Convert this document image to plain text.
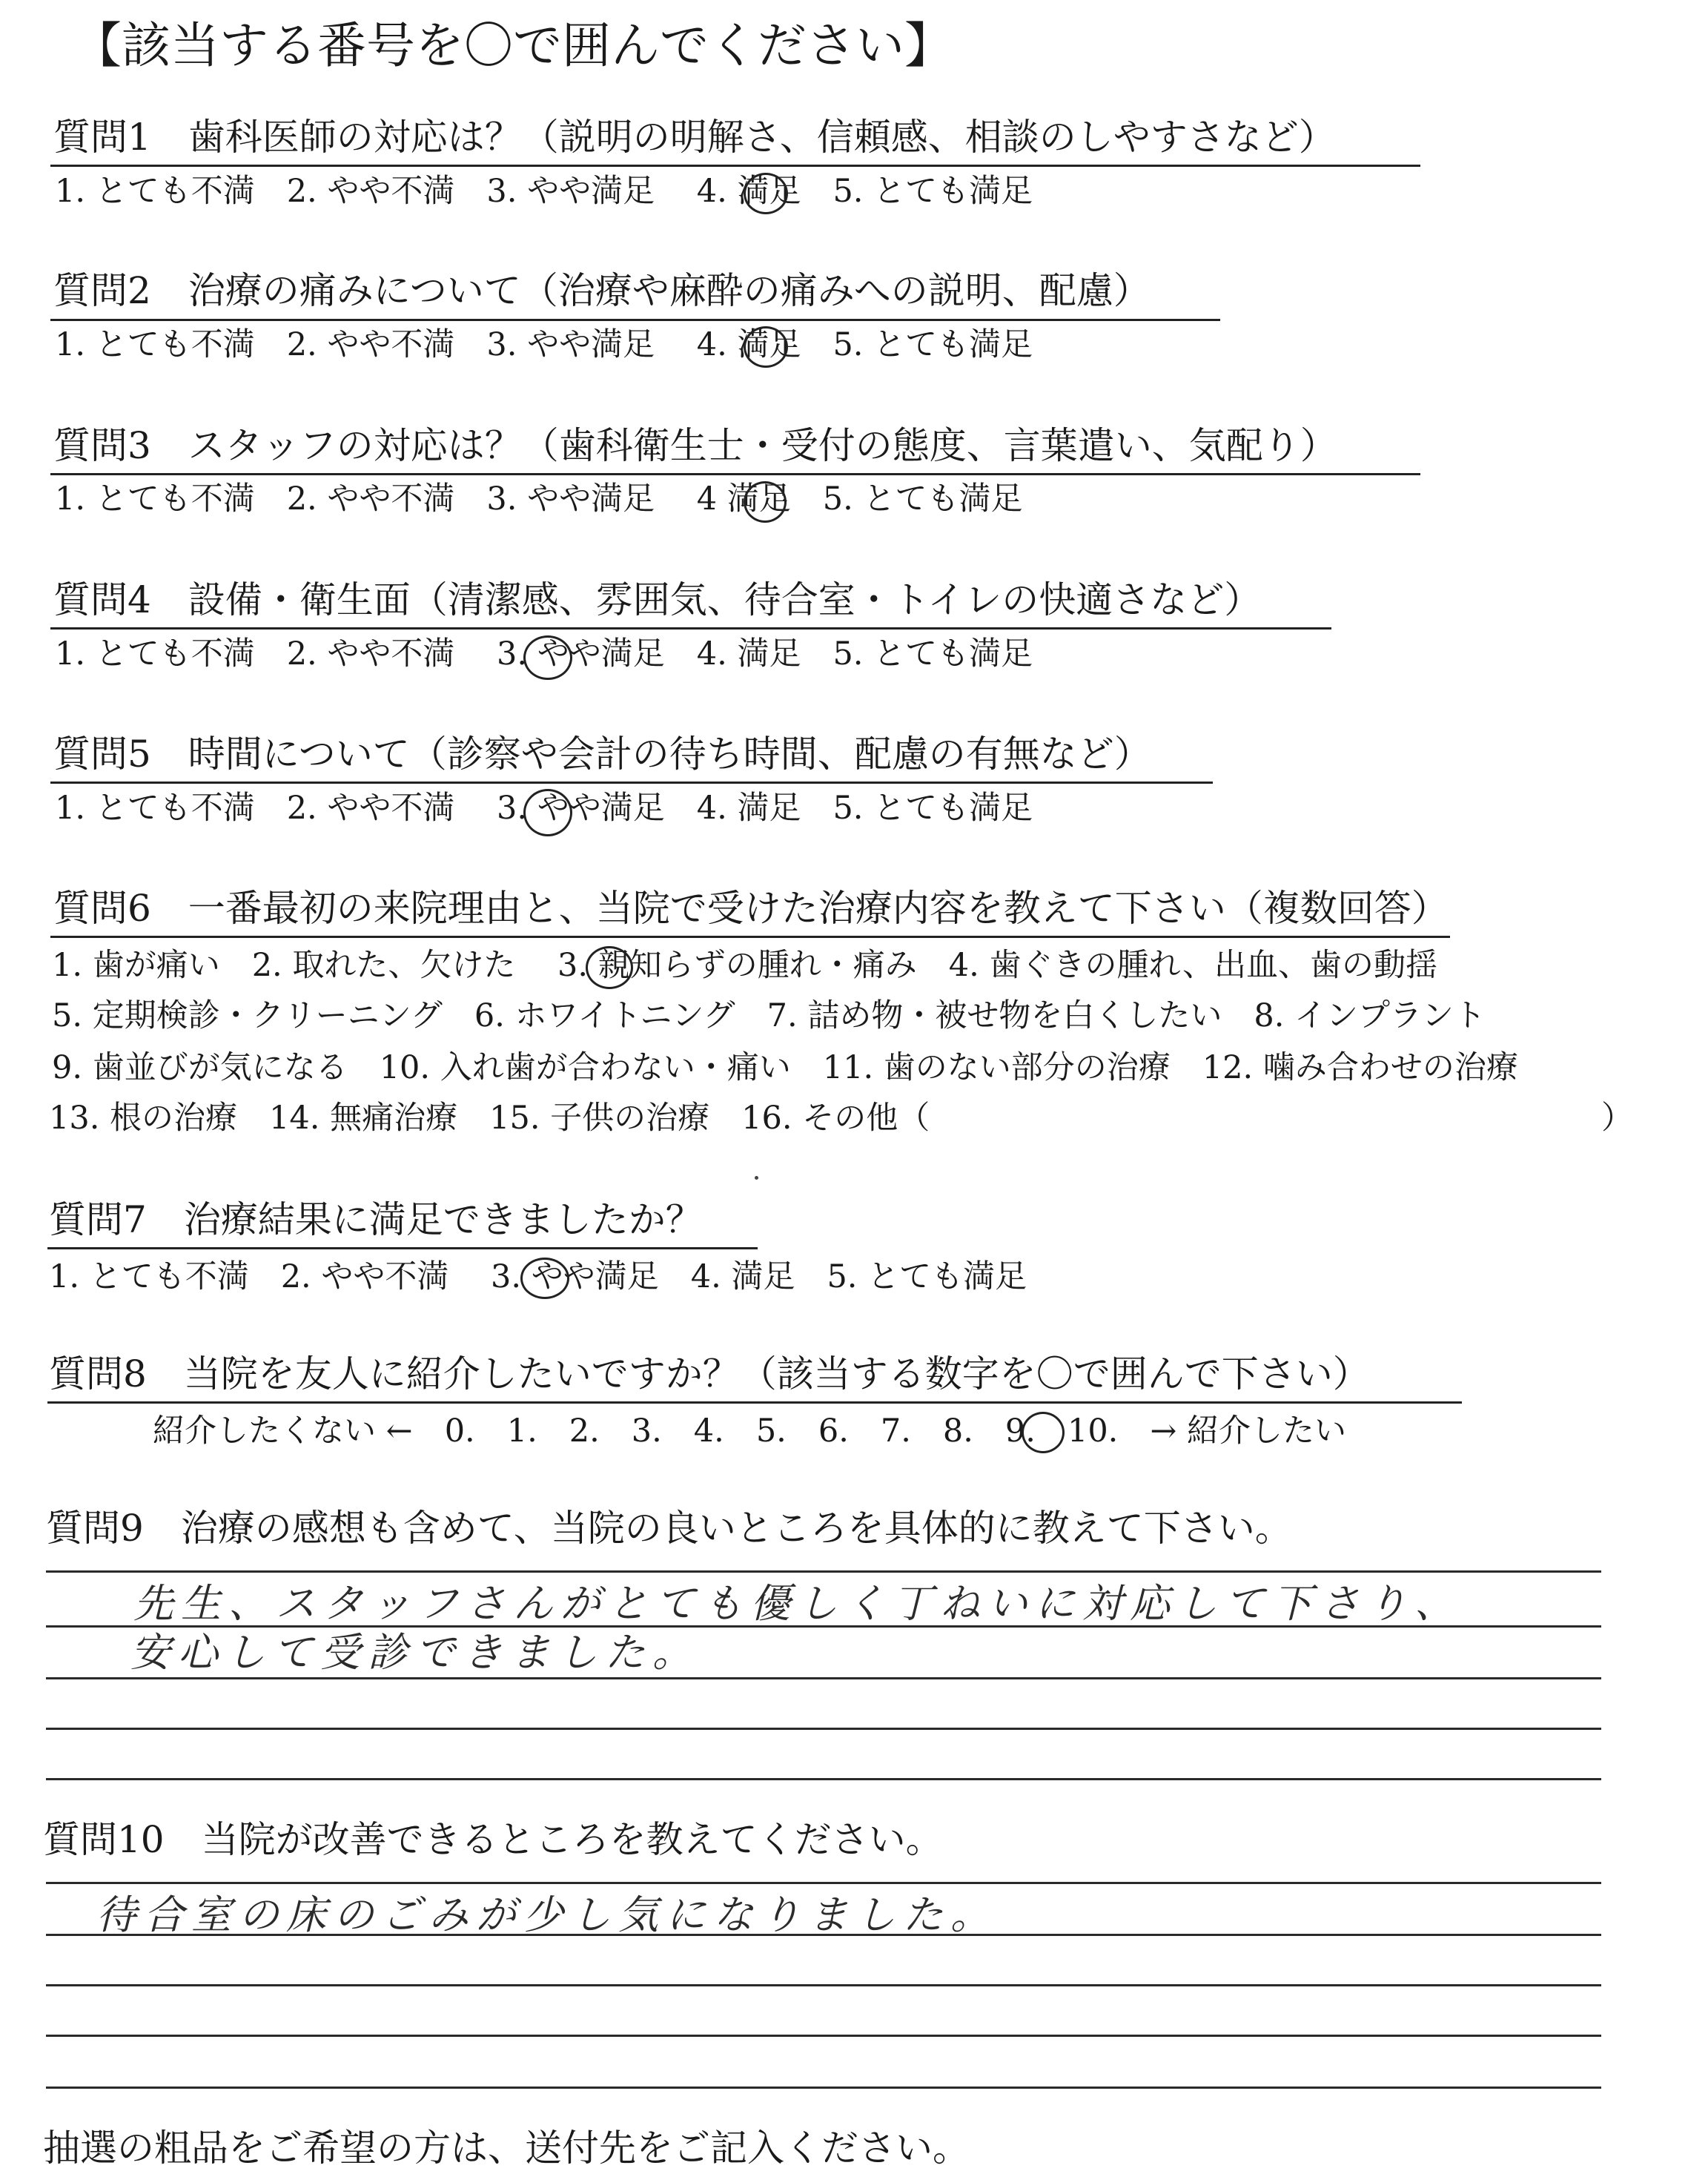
【該当する番号を〇で囲んでください】
質問1　歯科医師の対応は？（説明の明解さ、信頼感、相談のしやすさなど）
1. とても不満　2. やや不満　3. やや満足　 4. 満足　5. とても満足
質問2　治療の痛みについて（治療や麻酔の痛みへの説明、配慮）
1. とても不満　2. やや不満　3. やや満足　 4. 満足　5. とても満足
質問3　スタッフの対応は？（歯科衛生士・受付の態度、言葉遣い、気配り）
1. とても不満　2. やや不満　3. やや満足　 4 満足　5. とても満足
質問4　設備・衛生面（清潔感、雰囲気、待合室・トイレの快適さなど）
1. とても不満　2. やや不満　 3. やや満足　4. 満足　5. とても満足
質問5　時間について（診察や会計の待ち時間、配慮の有無など）
1. とても不満　2. やや不満　 3. やや満足　4. 満足　5. とても満足
質問6　一番最初の来院理由と、当院で受けた治療内容を教えて下さい（複数回答）
1. 歯が痛い　2. 取れた、欠けた　 3. 親知らずの腫れ・痛み　4. 歯ぐきの腫れ、出血、歯の動揺
5. 定期検診・クリーニング　6. ホワイトニング　7. 詰め物・被せ物を白くしたい　8. インプラント
9. 歯並びが気になる　10. 入れ歯が合わない・痛い　11. 歯のない部分の治療　12. 噛み合わせの治療
13. 根の治療　14. 無痛治療　15. 子供の治療　16. その他（	）
質問7　治療結果に満足できましたか？
1. とても不満　2. やや不満　 3. やや満足　4. 満足　5. とても満足
質問8　当院を友人に紹介したいですか？（該当する数字を〇で囲んで下さい）
紹介したくない ←　0.　1.　2.　3.　4.　5.　6.　7.　8.　9.　10.　→ 紹介したい
質問9　治療の感想も含めて、当院の良いところを具体的に教えて下さい。
先生、スタッフさんがとても優しく丁ねいに対応して下さり、
安心して受診できました。
質問10　当院が改善できるところを教えてください。
待合室の床のごみが少し気になりました。
抽選の粗品をご希望の方は、送付先をご記入ください。
